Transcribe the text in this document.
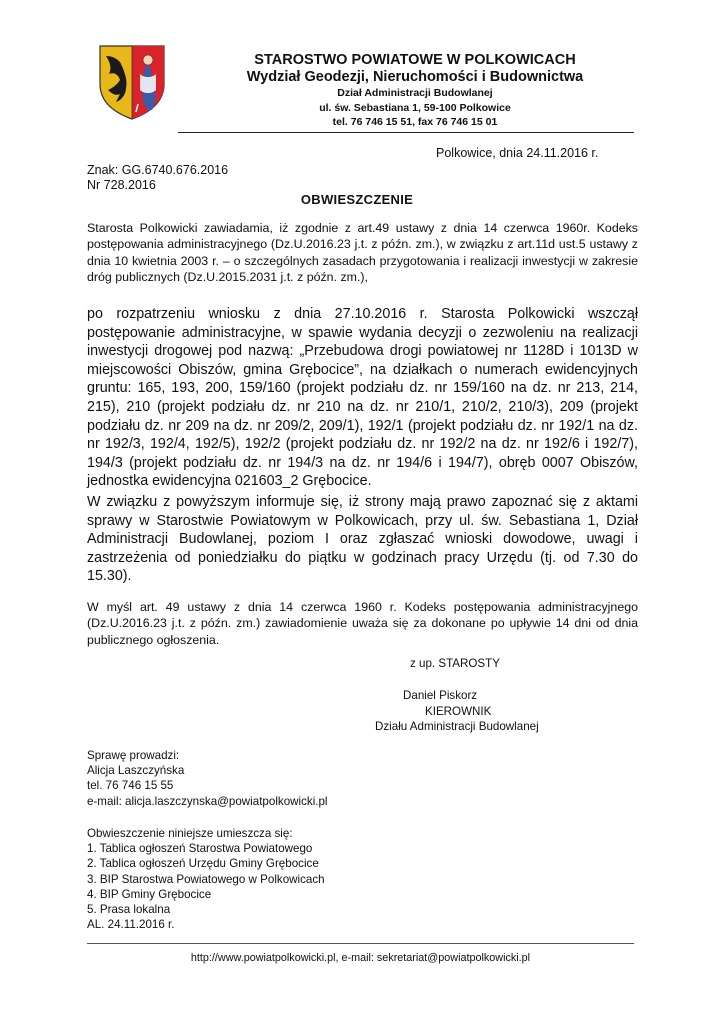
STAROSTWO POWIATOWE W POLKOWICACH
Wydział Geodezji, Nieruchomości i Budownictwa
Dział Administracji Budowlanej
ul. św. Sebastiana 1, 59-100 Polkowice
tel. 76 746 15 51, fax 76 746 15 01
Polkowice, dnia 24.11.2016 r.
Znak: GG.6740.676.2016
Nr 728.2016
OBWIESZCZENIE
Starosta Polkowicki zawiadamia, iż zgodnie z art.49 ustawy z dnia 14 czerwca 1960r. Kodeks postępowania administracyjnego (Dz.U.2016.23 j.t. z późn. zm.), w związku z art.11d ust.5 ustawy z dnia 10 kwietnia 2003 r. – o szczególnych zasadach przygotowania i realizacji inwestycji w zakresie dróg publicznych (Dz.U.2015.2031 j.t. z późn. zm.),
po rozpatrzeniu wniosku z dnia 27.10.2016 r. Starosta Polkowicki wszczął postępowanie administracyjne, w spawie wydania decyzji o zezwoleniu na realizacji inwestycji drogowej pod nazwą: „Przebudowa drogi powiatowej nr 1128D i 1013D w miejscowości Obiszów, gmina Grębocice”, na działkach o numerach ewidencyjnych gruntu: 165, 193, 200, 159/160 (projekt podziału dz. nr 159/160 na dz. nr 213, 214, 215), 210 (projekt podziału dz. nr 210 na dz. nr 210/1, 210/2, 210/3), 209 (projekt podziału dz. nr 209 na dz. nr 209/2, 209/1), 192/1 (projekt podziału dz. nr 192/1 na dz. nr 192/3, 192/4, 192/5), 192/2 (projekt podziału dz. nr 192/2 na dz. nr 192/6 i 192/7), 194/3 (projekt podziału dz. nr 194/3 na dz. nr 194/6 i 194/7), obręb 0007 Obiszów, jednostka ewidencyjna 021603_2 Grębocice.
W związku z powyższym informuje się, iż strony mają prawo zapoznać się z aktami sprawy w Starostwie Powiatowym w Polkowicach, przy ul. św. Sebastiana 1, Dział Administracji Budowlanej, poziom I oraz zgłaszać wnioski dowodowe, uwagi i zastrzeżenia od poniedziałku do piątku w godzinach pracy Urzędu (tj. od 7.30 do 15.30).
W myśl art. 49 ustawy z dnia 14 czerwca 1960 r. Kodeks postępowania administracyjnego (Dz.U.2016.23 j.t. z późn. zm.) zawiadomienie uważa się za dokonane po upływie 14 dni od dnia publicznego ogłoszenia.
z up. STAROSTY
Daniel Piskorz
KIEROWNIK
Działu Administracji Budowlanej
Sprawę prowadzi:
Alicja Laszczyńska
tel. 76 746 15 55
e-mail: alicja.laszczynska@powiatpolkowicki.pl
Obwieszczenie niniejsze umieszcza się:
1. Tablica ogłoszeń Starostwa Powiatowego
2. Tablica ogłoszeń Urzędu Gminy Grębocice
3. BIP Starostwa Powiatowego w Polkowicach
4. BIP Gminy Grębocice
5. Prasa lokalna
AL. 24.11.2016 r.
http://www.powiatpolkowicki.pl, e-mail: sekretariat@powiatpolkowicki.pl
